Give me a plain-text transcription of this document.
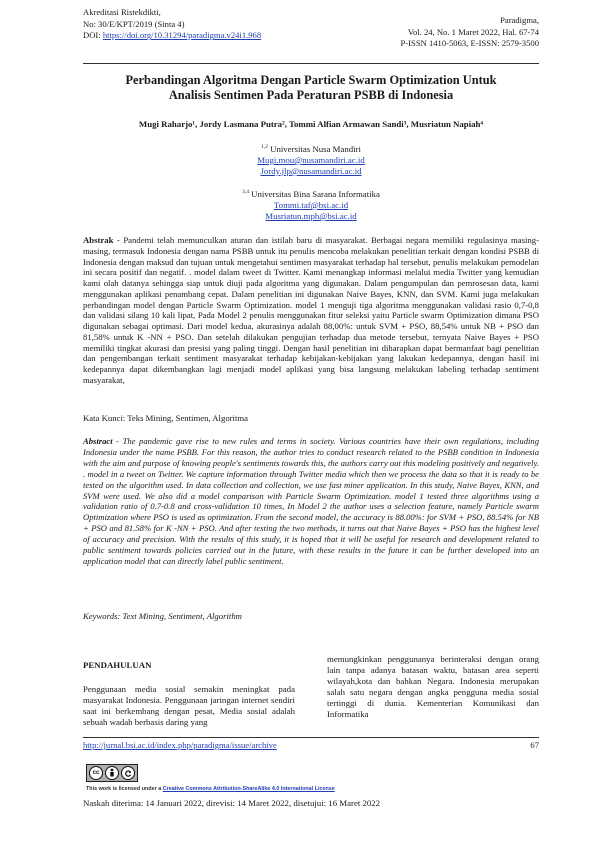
Akreditasi Ristekdikti,
No: 30/E/KPT/2019 (Sinta 4)
DOI: https://doi.org/10.31294/paradigma.v24i1.968
Paradigma,
Vol. 24, No. 1 Maret 2022, Hal. 67-74
P-ISSN 1410-5063, E-ISSN: 2579-3500
Perbandingan Algoritma Dengan Particle Swarm Optimization Untuk
Analisis Sentimen Pada Peraturan PSBB di Indonesia
Mugi Raharjo¹, Jordy Lasmana Putra², Tommi Alfian Armawan Sandi³, Musriatun Napiah⁴
$^{1,2}$ Universitas Nusa Mandiri
Mugi.mou@nusamandiri.ac.id
Jordy.jlp@nusamandiri.ac.id
$^{3,4}$ Universitas Bina Sarana Informatika
Tommi.taf@bsi.ac.id
Musriatun.mph@bsi.ac.id
Abstrak - Pandemi telah memunculkan aturan dan istilah baru di masyarakat. Berbagai negara memiliki regulasinya masing-masing, termasuk Indonesia dengan nama PSBB untuk itu penulis mencoba melakukan penelitian terkait dengan kondisi PSBB di Indonesia dengan maksud dan tujuan untuk mengetahui sentimen masyarakat terhadap hal tersebut, penulis melakukan pemodelan ini secara positif dan negatif. . model dalam tweet di Twitter. Kami menangkap informasi melalui media Twitter yang kemudian kami olah datanya sehingga siap untuk diuji pada algoritma yang digunakan. Dalam pengumpulan dan pemrosesan data, kami menggunakan aplikasi penambang cepat. Dalam penelitian ini digunakan Naive Bayes, KNN, dan SVM. Kami juga melakukan perbandingan model dengan Particle Swarm Optimization. model 1 menguji tiga algoritma menggunakan validasi rasio 0,7-0,8 dan validasi silang 10 kali lipat, Pada Model 2 penulis menggunakan fitur seleksi yaitu Particle swarm Optimization dimana PSO digunakan sebagai optimasi. Dari model kedua, akurasinya adalah 88,00%: untuk SVM + PSO, 88,54% untuk NB + PSO dan 81,58% untuk K -NN + PSO. Dan setelah dilakukan pengujian terhadap dua metode tersebut, ternyata Naive Bayes + PSO memiliki tingkat akurasi dan presisi yang paling tinggi. Dengan hasil penelitian ini diharapkan dapat bermanfaat bagi penelitian dan pengembangan terkait sentiment masyarakat terhadap kebijakan-kebijakan yang lakukan kedepannya, dengan hasil ini kedepannya dapat dikembangkan lagi menjadi model aplikasi yang bisa langsung melakukan labeling terhadap sentiment masyarakat,
Kata Kunci: Teks Mining, Sentimen, Algoritma
Abstract - The pandemic gave rise to new rules and terms in society. Various countries have their own regulations, including Indonesia under the name PSBB. For this reason, the author tries to conduct research related to the PSBB condition in Indonesia with the aim and purpose of knowing people's sentiments towards this, the authors carry out this modeling positively and negatively. . model in a tweet on Twitter. We capture information through Twitter media which then we process the data so that it is ready to be tested on the algorithm used. In data collection and collection, we use fast miner application. In this study, Naive Bayes, KNN, and SVM were used. We also did a model comparison with Particle Swarm Optimization. model 1 tested three algorithms using a validation ratio of 0.7-0.8 and cross-validation 10 times, In Model 2 the author uses a selection feature, namely Particle swarm Optimization where PSO is used as optimization. From the second model, the accuracy is 88.00%: for SVM + PSO, 88.54% for NB + PSO and 81.58% for K -NN + PSO. And after testing the two methods, it turns out that Naive Bayes + PSO has the highest level of accuracy and precision. With the results of this study, it is hoped that it will be useful for research and development related to public sentiment towards policies carried out in the future, with these results in the future it can be further developed into an application model that can directly label public sentiment.
Keywords: Text Mining, Sentiment, Algorithm
PENDAHULUAN
Penggunaan media sosial semakin meningkat pada masyarakat Indonesia. Penggunaan jaringan internet sendiri saat ini berkembang dengan pesat, Media sosial adalah sebuah wadah berbasis daring yang
memungkinkan penggunanya berinteraksi dengan orang lain tanpa adanya batasan waktu, batasan area seperti wilayah,kota dan bahkan Negara. Indonesia merupakan salah satu negara dengan angka pengguna media sosial tertinggi di dunia. Kementerian Komunikasi dan Informatika
http://jurnal.bsi.ac.id/index.php/paradigma/issue/archive	67
cc
This work is licensed under a Creative Commons Attribution-ShareAlike 4.0 International License
Naskah diterima: 14 Januari 2022, direvisi: 14 Maret 2022, disetujui: 16 Maret 2022
